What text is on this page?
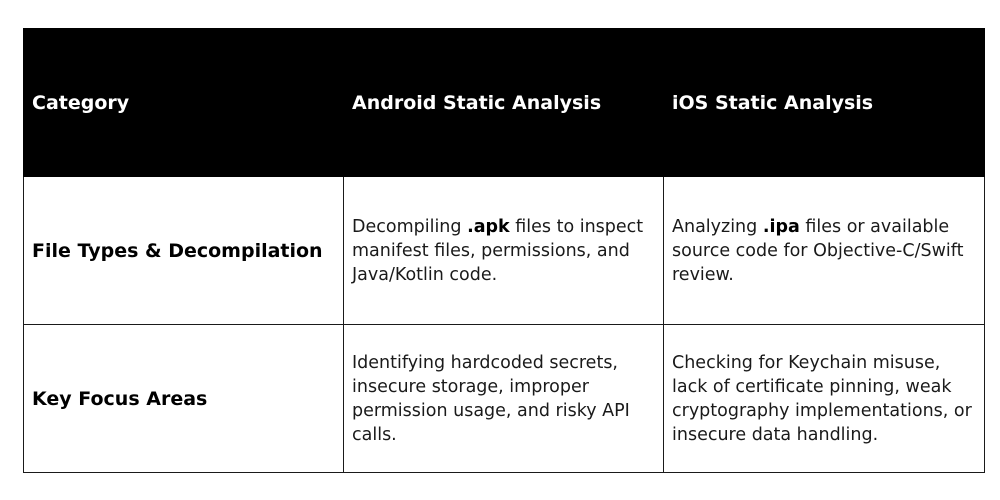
Category	Android Static Analysis	iOS Static Analysis
File Types & Decompilation	Decompiling .apk files to inspect manifest files, permissions, and Java/Kotlin code.	Analyzing .ipa files or available source code for Objective-C/Swift review.
Key Focus Areas	Identifying hardcoded secrets, insecure storage, improper permission usage, and risky API calls.	Checking for Keychain misuse, lack of certificate pinning, weak cryptography implementations, or insecure data handling.
